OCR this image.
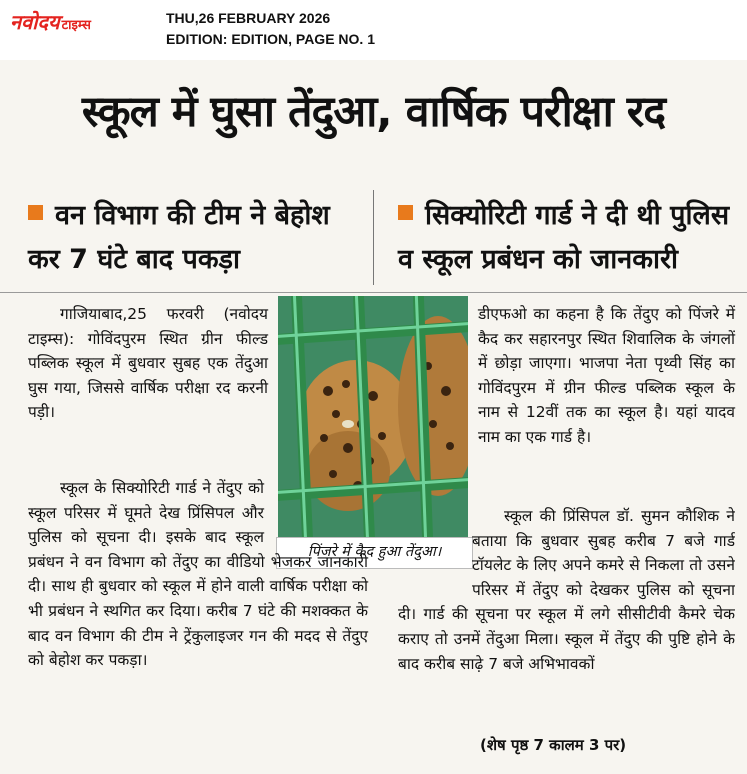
नवोदय टाइम्स	THU,26 FEBRUARY 2026
EDITION: EDITION, PAGE NO. 1
स्कूल में घुसा तेंदुआ, वार्षिक परीक्षा रद
वन विभाग की टीम ने बेहोश कर 7 घंटे बाद पकड़ा
सिक्योरिटी गार्ड ने दी थी पुलिस व स्कूल प्रबंधन को जानकारी
पिंजरे में कैद हुआ तेंदुआ।

गाजियाबाद,25 फरवरी (नवोदय टाइम्स): गोविंदपुरम स्थित ग्रीन फील्ड पब्लिक स्कूल में बुधवार सुबह एक तेंदुआ घुस गया, जिससे वार्षिक परीक्षा रद करनी पड़ी।

स्कूल के सिक्योरिटी गार्ड ने तेंदुए को स्कूल परिसर में घूमते देख प्रिंसिपल और पुलिस को सूचना दी। इसके बाद स्कूल प्रबंधन ने वन विभाग को तेंदुए का वीडियो भेजकर जानकारी दी। साथ ही बुधवार को स्कूल में होने वाली वार्षिक परीक्षा को भी प्रबंधन ने स्थगित कर दिया। करीब 7 घंटे की मशक्कत के बाद वन विभाग की टीम ने ट्रेंकुलाइजर गन की मदद से तेंदुए को बेहोश कर पकड़ा।

डीएफओ का कहना है कि तेंदुए को पिंजरे में कैद कर सहारनपुर स्थित शिवालिक के जंगलों में छोड़ा जाएगा। भाजपा नेता पृथ्वी सिंह का गोविंदपुरम में ग्रीन फील्ड पब्लिक स्कूल के नाम से 12वीं तक का स्कूल है। यहां यादव नाम का एक गार्ड है।

स्कूल की प्रिंसिपल डॉ. सुमन कौशिक ने बताया कि बुधवार सुबह करीब 7 बजे गार्ड टॉयलेट के लिए अपने कमरे से निकला तो उसने परिसर में तेंदुए को देखकर पुलिस को सूचना दी। गार्ड की सूचना पर स्कूल में लगे सीसीटीवी कैमरे चेक कराए तो उनमें तेंदुआ मिला। स्कूल में तेंदुए की पुष्टि होने के बाद करीब साढ़े 7 बजे अभिभावकों

(शेष पृष्ठ 7 कालम 3 पर)
